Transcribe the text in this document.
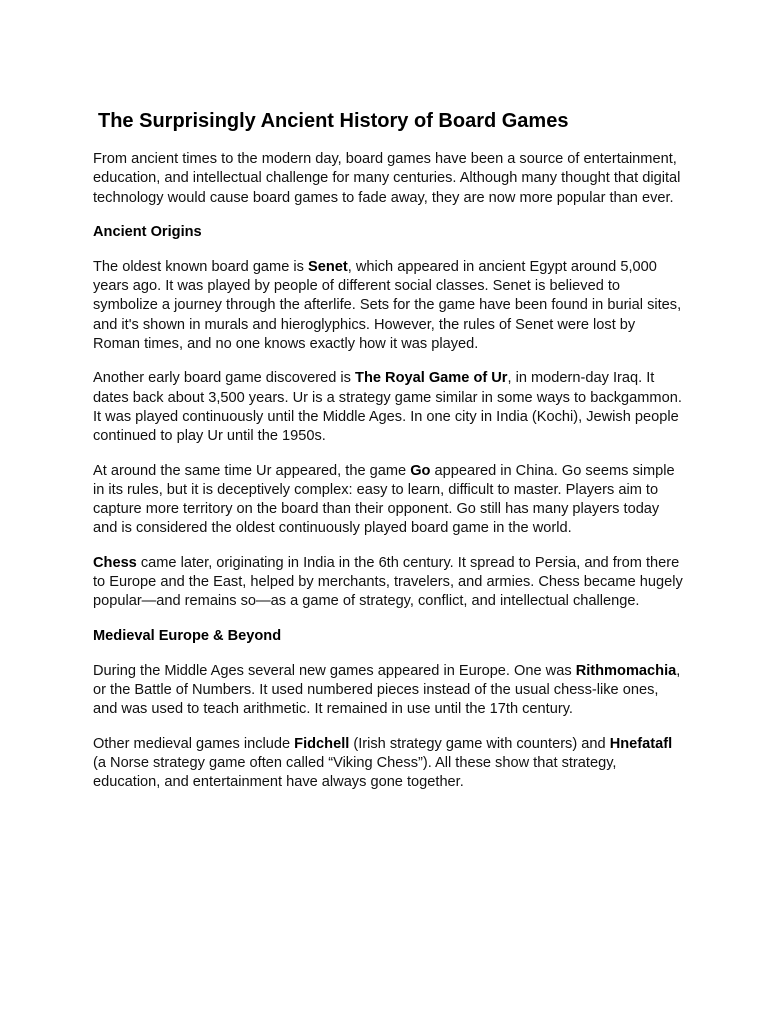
The Surprisingly Ancient History of Board Games

From ancient times to the modern day, board games have been a source of entertainment, education, and intellectual challenge for many centuries. Although many thought that digital technology would cause board games to fade away, they are now more popular than ever.

Ancient Origins

The oldest known board game is Senet, which appeared in ancient Egypt around 5,000 years ago. It was played by people of different social classes. Senet is believed to symbolize a journey through the afterlife. Sets for the game have been found in burial sites, and it's shown in murals and hieroglyphics. However, the rules of Senet were lost by Roman times, and no one knows exactly how it was played.

Another early board game discovered is The Royal Game of Ur, in modern-day Iraq. It dates back about 3,500 years. Ur is a strategy game similar in some ways to backgammon. It was played continuously until the Middle Ages. In one city in India (Kochi), Jewish people continued to play Ur until the 1950s.

At around the same time Ur appeared, the game Go appeared in China. Go seems simple in its rules, but it is deceptively complex: easy to learn, difficult to master. Players aim to capture more territory on the board than their opponent. Go still has many players today and is considered the oldest continuously played board game in the world.

Chess came later, originating in India in the 6th century. It spread to Persia, and from there to Europe and the East, helped by merchants, travelers, and armies. Chess became hugely popular—and remains so—as a game of strategy, conflict, and intellectual challenge.

Medieval Europe & Beyond

During the Middle Ages several new games appeared in Europe. One was Rithmomachia, or the Battle of Numbers. It used numbered pieces instead of the usual chess-like ones, and was used to teach arithmetic. It remained in use until the 17th century.

Other medieval games include Fidchell (Irish strategy game with counters) and Hnefatafl (a Norse strategy game often called “Viking Chess”). All these show that strategy, education, and entertainment have always gone together.
